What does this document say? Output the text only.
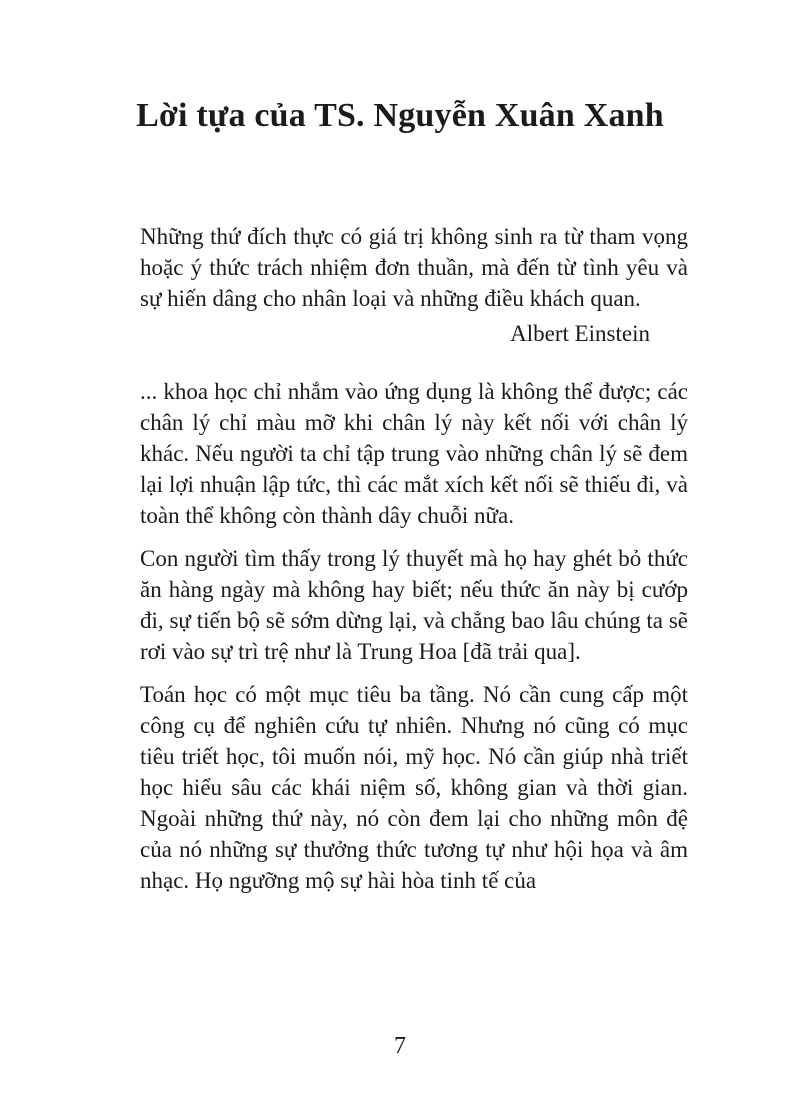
Lời tựa của TS. Nguyễn Xuân Xanh

Những thứ đích thực có giá trị không sinh ra từ tham vọng hoặc ý thức trách nhiệm đơn thuần, mà đến từ tình yêu và sự hiến dâng cho nhân loại và những điều khách quan.

Albert Einstein

... khoa học chỉ nhắm vào ứng dụng là không thể được; các chân lý chỉ màu mỡ khi chân lý này kết nối với chân lý khác. Nếu người ta chỉ tập trung vào những chân lý sẽ đem lại lợi nhuận lập tức, thì các mắt xích kết nối sẽ thiếu đi, và toàn thể không còn thành dây chuỗi nữa.

Con người tìm thấy trong lý thuyết mà họ hay ghét bỏ thức ăn hàng ngày mà không hay biết; nếu thức ăn này bị cướp đi, sự tiến bộ sẽ sớm dừng lại, và chẳng bao lâu chúng ta sẽ rơi vào sự trì trệ như là Trung Hoa [đã trải qua].

Toán học có một mục tiêu ba tầng. Nó cần cung cấp một công cụ để nghiên cứu tự nhiên. Nhưng nó cũng có mục tiêu triết học, tôi muốn nói, mỹ học. Nó cần giúp nhà triết học hiểu sâu các khái niệm số, không gian và thời gian. Ngoài những thứ này, nó còn đem lại cho những môn đệ của nó những sự thưởng thức tương tự như hội họa và âm nhạc. Họ ngưỡng mộ sự hài hòa tinh tế của

7
